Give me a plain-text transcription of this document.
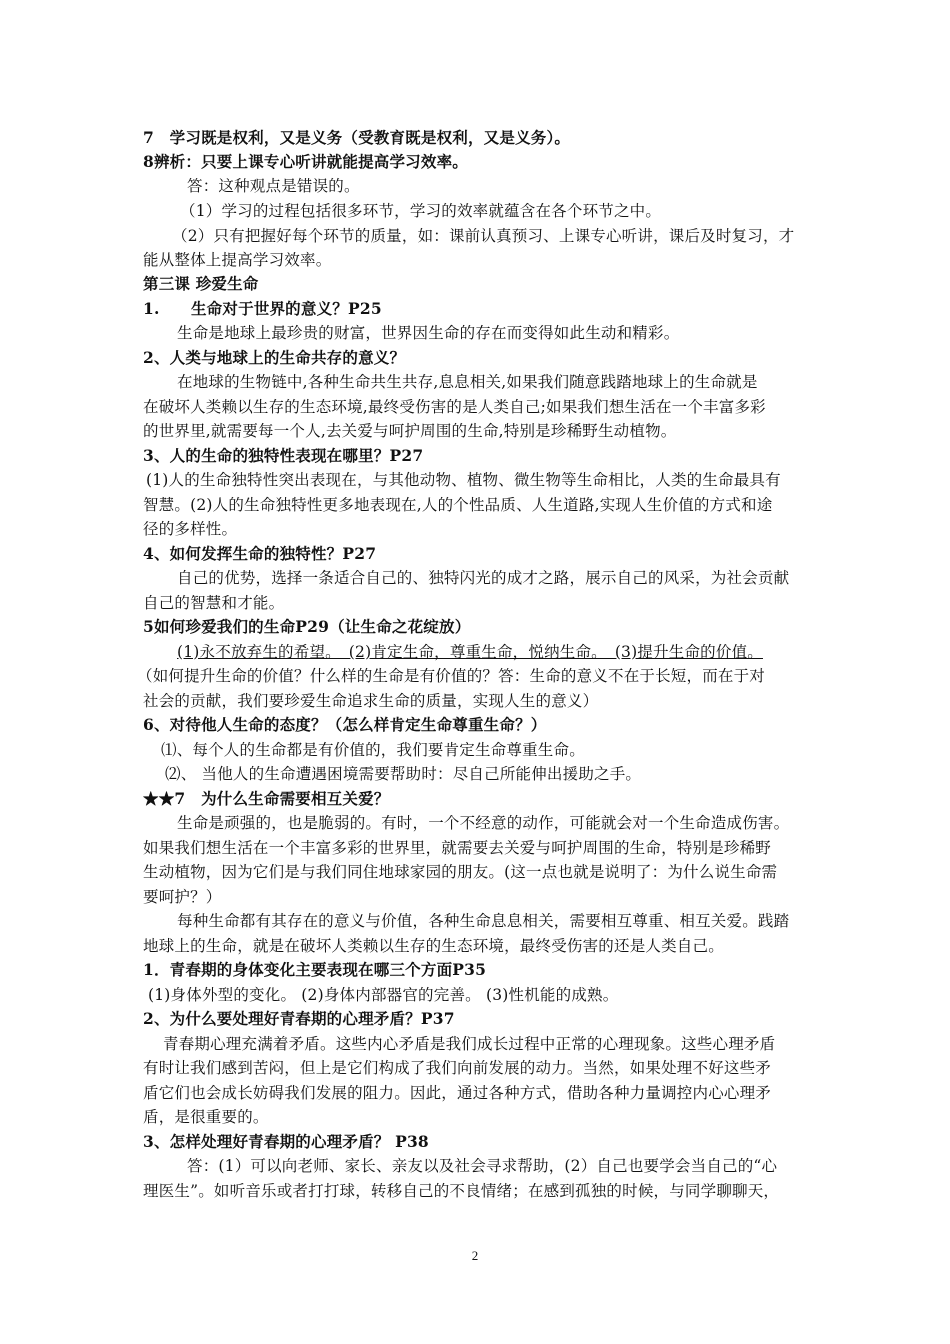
7　学习既是权利，又是义务（受教育既是权利，又是义务）。
8辨析：只要上课专心听讲就能提高学习效率。
答：这种观点是错误的。
（1）学习的过程包括很多环节，学习的效率就蕴含在各个环节之中。
（2）只有把握好每个环节的质量，如：课前认真预习、上课专心听讲，课后及时复习，才
能从整体上提高学习效率。
第三课 珍爱生命
1.　　生命对于世界的意义？P25
生命是地球上最珍贵的财富，世界因生命的存在而变得如此生动和精彩。
2、人类与地球上的生命共存的意义？
在地球的生物链中,各种生命共生共存,息息相关,如果我们随意践踏地球上的生命就是
在破坏人类赖以生存的生态环境,最终受伤害的是人类自己;如果我们想生活在一个丰富多彩
的世界里,就需要每一个人,去关爱与呵护周围的生命,特别是珍稀野生动植物。
3、人的生命的独特性表现在哪里？P27
(1)人的生命独特性突出表现在，与其他动物、植物、微生物等生命相比，人类的生命最具有
智慧。(2)人的生命独特性更多地表现在,人的个性品质、人生道路,实现人生价值的方式和途
径的多样性。
4、如何发挥生命的独特性？P27
自己的优势，选择一条适合自己的、独特闪光的成才之路，展示自己的风采，为社会贡献
自己的智慧和才能。
5如何珍爱我们的生命P29（让生命之花绽放）
(1)永不放弃生的希望。　(2)肯定生命，尊重生命，悦纳生命。　(3)提升生命的价值。
（如何提升生命的价值？什么样的生命是有价值的？答：生命的意义不在于长短，而在于对
社会的贡献，我们要珍爱生命追求生命的质量，实现人生的意义）
6、对待他人生命的态度？（怎么样肯定生命尊重生命？）
⑴、每个人的生命都是有价值的，我们要肯定生命尊重生命。
⑵、 当他人的生命遭遇困境需要帮助时：尽自己所能伸出援助之手。
★★7　为什么生命需要相互关爱？
生命是顽强的，也是脆弱的。有时，一个不经意的动作，可能就会对一个生命造成伤害。
如果我们想生活在一个丰富多彩的世界里，就需要去关爱与呵护周围的生命，特别是珍稀野
生动植物，因为它们是与我们同住地球家园的朋友。(这一点也就是说明了：为什么说生命需
要呵护？）
每种生命都有其存在的意义与价值，各种生命息息相关，需要相互尊重、相互关爱。践踏
地球上的生命，就是在破坏人类赖以生存的生态环境，最终受伤害的还是人类自己。
1．青春期的身体变化主要表现在哪三个方面P35
(1)身体外型的变化。 (2)身体内部器官的完善。 (3)性机能的成熟。
2、为什么要处理好青春期的心理矛盾？P37
青春期心理充满着矛盾。这些内心矛盾是我们成长过程中正常的心理现象。这些心理矛盾
有时让我们感到苦闷，但上是它们构成了我们向前发展的动力。当然，如果处理不好这些矛
盾它们也会成长妨碍我们发展的阻力。因此，通过各种方式，借助各种力量调控内心心理矛
盾，是很重要的。
3、怎样处理好青春期的心理矛盾？ P38
答：(1）可以向老师、家长、亲友以及社会寻求帮助，(2）自己也要学会当自己的“心
理医生”。如听音乐或者打打球，转移自己的不良情绪；在感到孤独的时候，与同学聊聊天，
2
